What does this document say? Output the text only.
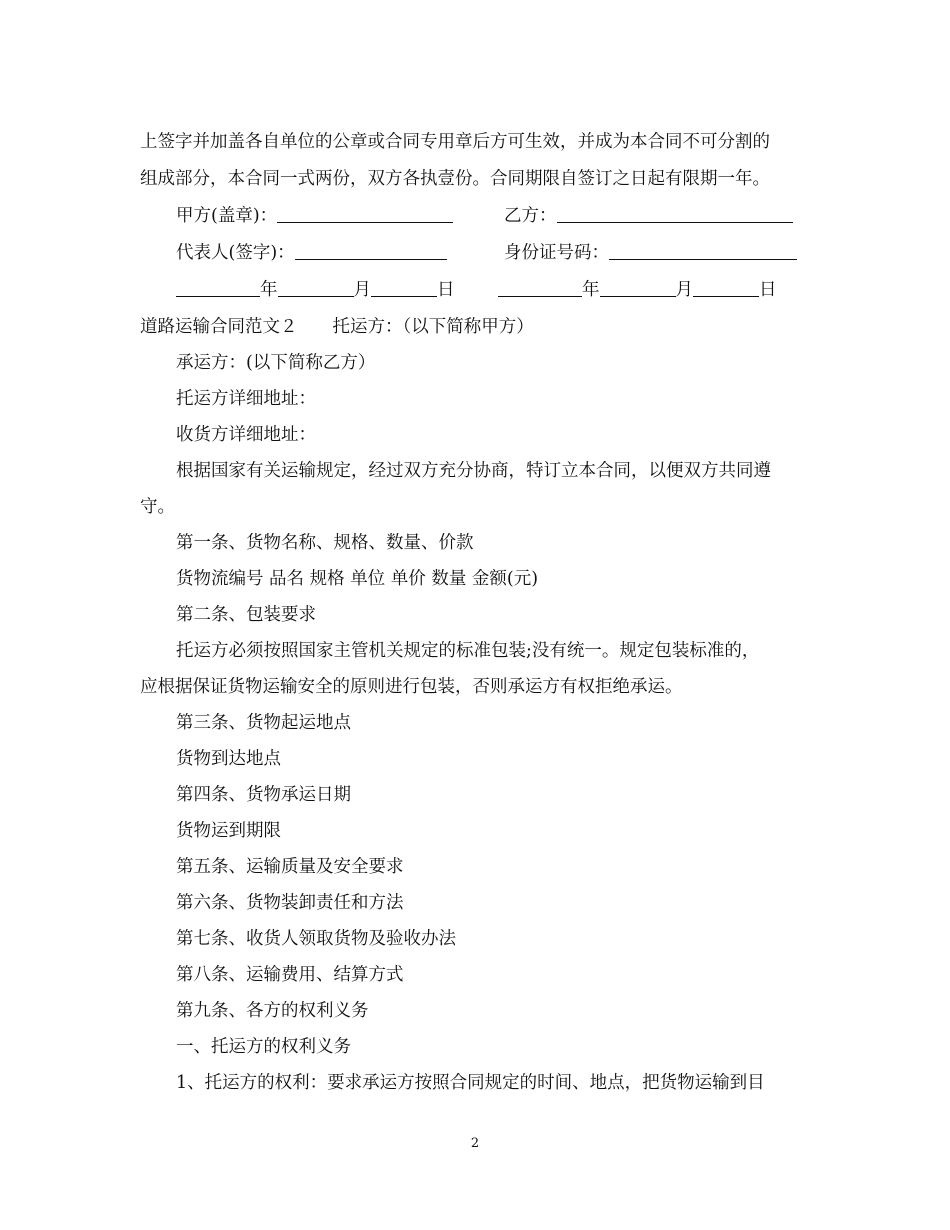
上签字并加盖各自单位的公章或合同专用章后方可生效，并成为本合同不可分割的
组成部分，本合同一式两份，双方各执壹份。合同期限自签订之日起有限期一年。
甲方(盖章)：	乙方：
代表人(签字)：	身份证号码：
年	月	日	年	月	日
道路运输合同范文２　　托运方：（以下简称甲方）
承运方：(以下简称乙方）
托运方详细地址：
收货方详细地址：
根据国家有关运输规定，经过双方充分协商，特订立本合同，以便双方共同遵
守。
第一条、货物名称、规格、数量、价款
货物流编号 品名 规格 单位 单价 数量 金额(元)
第二条、包装要求
托运方必须按照国家主管机关规定的标准包装;没有统一。规定包装标准的，
应根据保证货物运输安全的原则进行包装，否则承运方有权拒绝承运。
第三条、货物起运地点
货物到达地点
第四条、货物承运日期
货物运到期限
第五条、运输质量及安全要求
第六条、货物装卸责任和方法
第七条、收货人领取货物及验收办法
第八条、运输费用、结算方式
第九条、各方的权利义务
一、托运方的权利义务
1、托运方的权利：要求承运方按照合同规定的时间、地点，把货物运输到目
2
